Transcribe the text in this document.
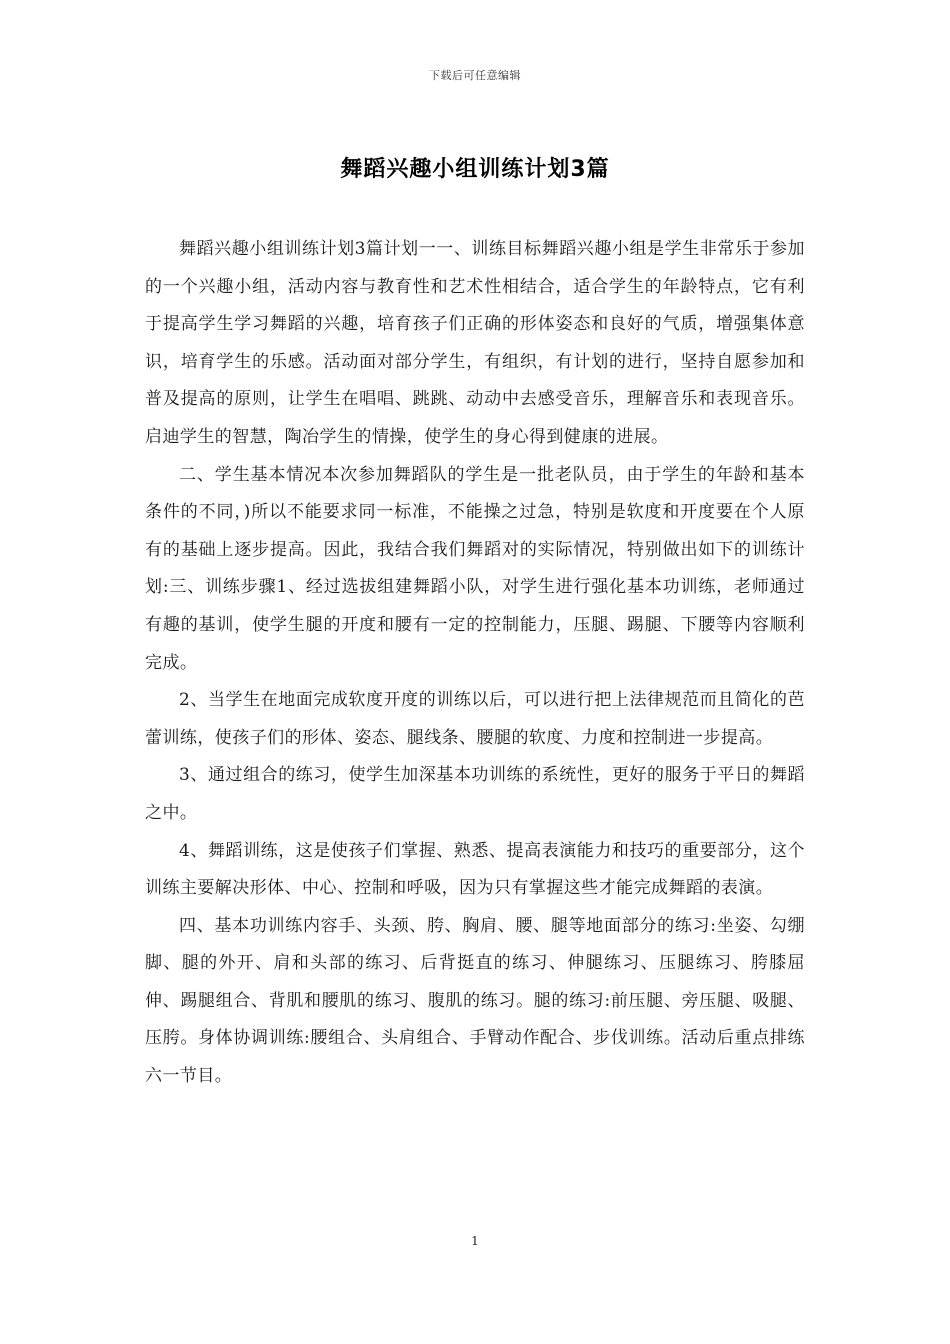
下载后可任意编辑
舞蹈兴趣小组训练计划3篇

舞蹈兴趣小组训练计划3篇计划一一、训练目标舞蹈兴趣小组是学生非常乐于参加的一个兴趣小组，活动内容与教育性和艺术性相结合，适合学生的年龄特点，它有利于提高学生学习舞蹈的兴趣，培育孩子们正确的形体姿态和良好的气质，增强集体意识，培育学生的乐感。活动面对部分学生，有组织，有计划的进行，坚持自愿参加和普及提高的原则，让学生在唱唱、跳跳、动动中去感受音乐，理解音乐和表现音乐。启迪学生的智慧，陶冶学生的情操，使学生的身心得到健康的进展。

二、学生基本情况本次参加舞蹈队的学生是一批老队员，由于学生的年龄和基本条件的不同，)所以不能要求同一标准，不能操之过急，特别是软度和开度要在个人原有的基础上逐步提高。因此，我结合我们舞蹈对的实际情况，特别做出如下的训练计划:三、训练步骤1、经过选拔组建舞蹈小队，对学生进行强化基本功训练，老师通过有趣的基训，使学生腿的开度和腰有一定的控制能力，压腿、踢腿、下腰等内容顺利完成。

2、当学生在地面完成软度开度的训练以后，可以进行把上法律规范而且简化的芭蕾训练，使孩子们的形体、姿态、腿线条、腰腿的软度、力度和控制进一步提高。

3、通过组合的练习，使学生加深基本功训练的系统性，更好的服务于平日的舞蹈之中。

4、舞蹈训练，这是使孩子们掌握、熟悉、提高表演能力和技巧的重要部分，这个训练主要解决形体、中心、控制和呼吸，因为只有掌握这些才能完成舞蹈的表演。

四、基本功训练内容手、头颈、胯、胸肩、腰、腿等地面部分的练习:坐姿、勾绷脚、腿的外开、肩和头部的练习、后背挺直的练习、伸腿练习、压腿练习、胯膝屈伸、踢腿组合、背肌和腰肌的练习、腹肌的练习。腿的练习:前压腿、旁压腿、吸腿、压胯。身体协调训练:腰组合、头肩组合、手臂动作配合、步伐训练。活动后重点排练六一节目。

1
